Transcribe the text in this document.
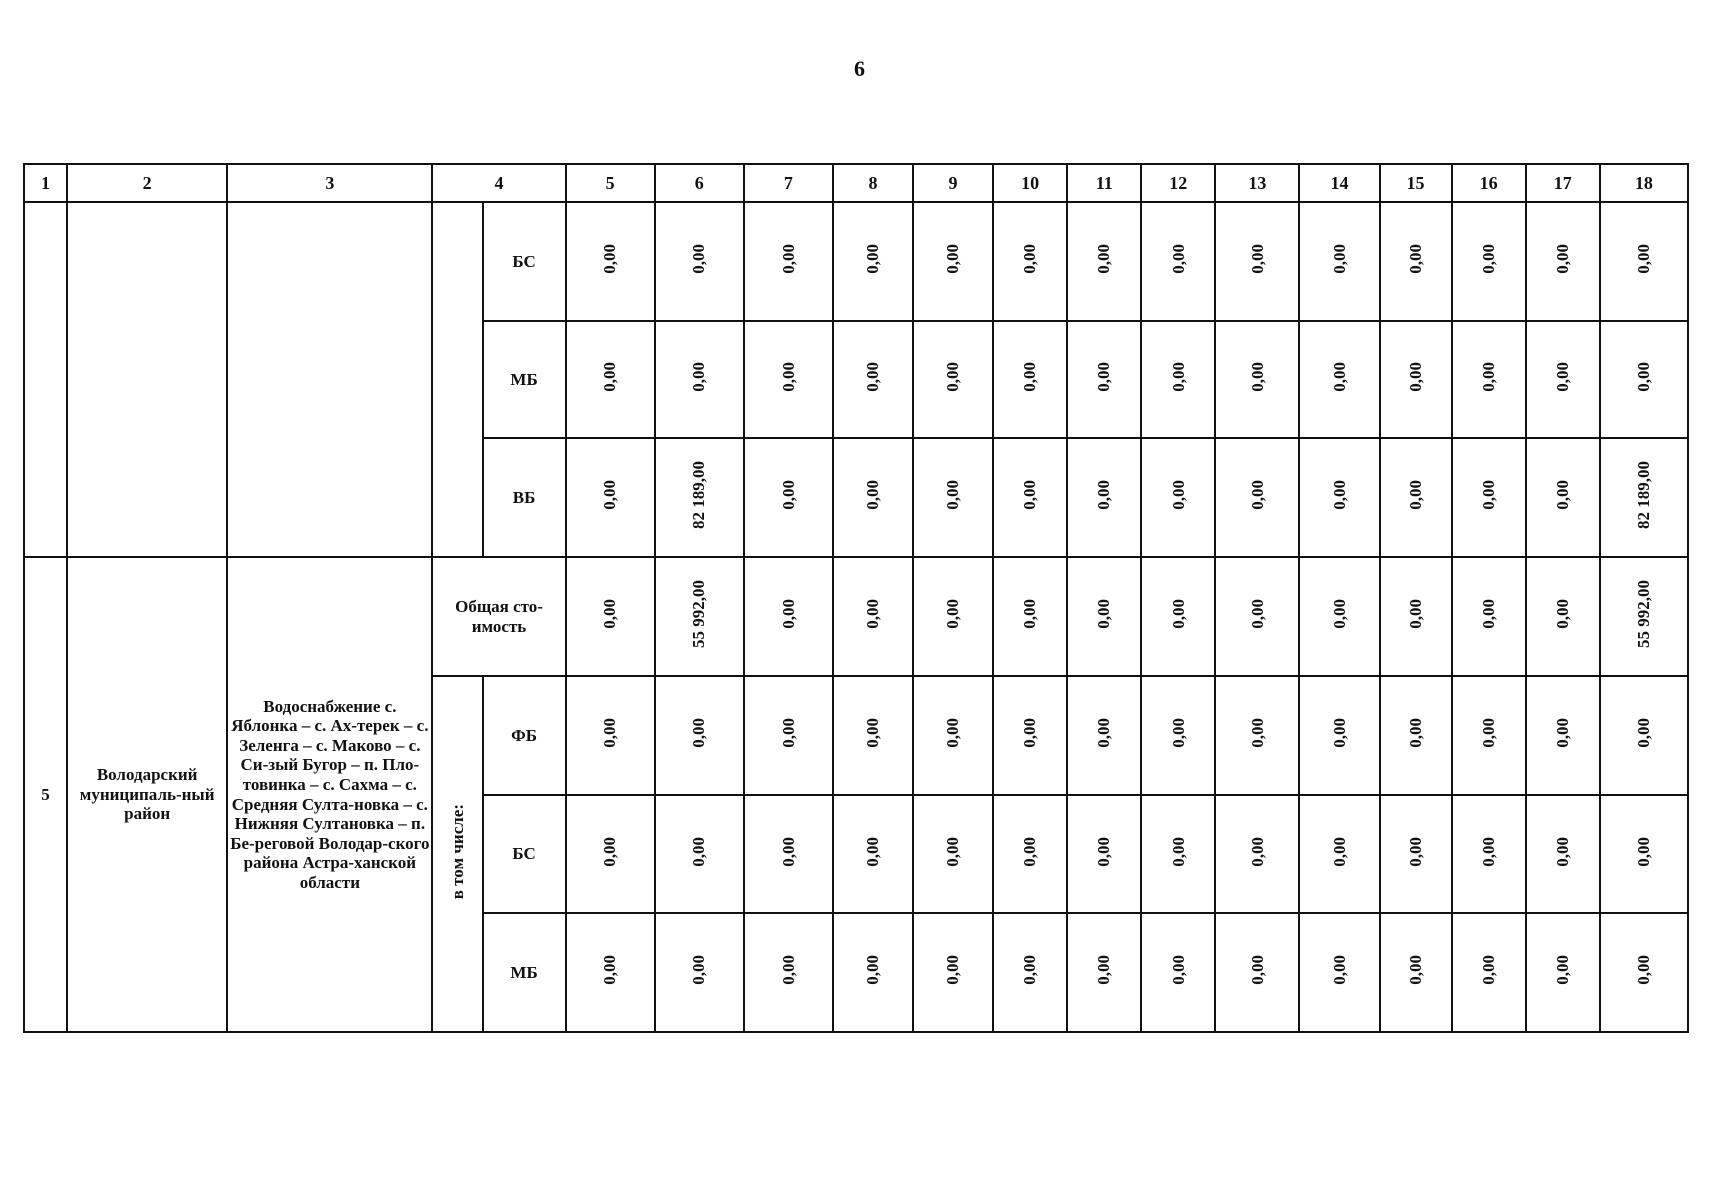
6
1	2	3	4		5	6	7	8	9	10	11	12	13	14	15	16	17	18
				БС	0,00	0,00	0,00	0,00	0,00	0,00	0,00	0,00	0,00	0,00	0,00	0,00	0,00	0,00
				МБ	0,00	0,00	0,00	0,00	0,00	0,00	0,00	0,00	0,00	0,00	0,00	0,00	0,00	0,00
				ВБ	0,00	82 189,00	0,00	0,00	0,00	0,00	0,00	0,00	0,00	0,00	0,00	0,00	0,00	82 189,00
5	Володарский муниципаль-ный район	Водоснабжение с. Яблонка – с. Ах-терек – с. Зеленга – с. Маково – с. Си-зый Бугор – п. Пло-товинка – с. Сахма – с. Средняя Султа-новка – с. Нижняя Султановка – п. Бе-реговой Володар-ского района Астра-ханской области	Общая сто-имость		0,00	55 992,00	0,00	0,00	0,00	0,00	0,00	0,00	0,00	0,00	0,00	0,00	0,00	55 992,00
			в том числе:	ФБ	0,00	0,00	0,00	0,00	0,00	0,00	0,00	0,00	0,00	0,00	0,00	0,00	0,00	0,00
				БС	0,00	0,00	0,00	0,00	0,00	0,00	0,00	0,00	0,00	0,00	0,00	0,00	0,00	0,00
				МБ	0,00	0,00	0,00	0,00	0,00	0,00	0,00	0,00	0,00	0,00	0,00	0,00	0,00	0,00
